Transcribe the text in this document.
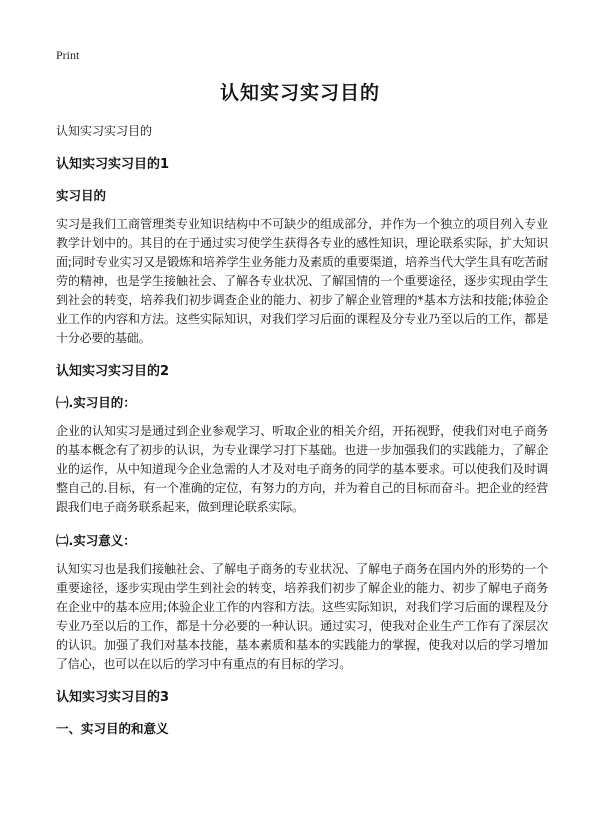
Print
认知实习实习目的

认知实习实习目的

认知实习实习目的1

实习目的

实习是我们工商管理类专业知识结构中不可缺少的组成部分，并作为一个独立的项目列入专业教学计划中的。其目的在于通过实习使学生获得各专业的感性知识，理论联系实际，扩大知识面;同时专业实习又是锻炼和培养学生业务能力及素质的重要渠道，培养当代大学生具有吃苦耐劳的精神，也是学生接触社会、了解各专业状况、了解国情的一个重要途径，逐步实现由学生到社会的转变，培养我们初步调查企业的能力、初步了解企业管理的*基本方法和技能;体验企业工作的内容和方法。这些实际知识，对我们学习后面的课程及分专业乃至以后的工作，都是十分必要的基础。

认知实习实习目的2

㈠.实习目的：

企业的认知实习是通过到企业参观学习、听取企业的相关介绍，开拓视野，使我们对电子商务的基本概念有了初步的认识，为专业课学习打下基础。也进一步加强我们的实践能力，了解企业的运作，从中知道现今企业急需的人才及对电子商务的同学的基本要求。可以使我们及时调整自己的.目标，有一个准确的定位，有努力的方向，并为着自己的目标而奋斗。把企业的经营跟我们电子商务联系起来，做到理论联系实际。

㈡.实习意义：

认知实习也是我们接触社会、了解电子商务的专业状况、了解电子商务在国内外的形势的一个重要途径，逐步实现由学生到社会的转变，培养我们初步了解企业的能力、初步了解电子商务在企业中的基本应用;体验企业工作的内容和方法。这些实际知识，对我们学习后面的课程及分专业乃至以后的工作，都是十分必要的一种认识。通过实习，使我对企业生产工作有了深层次的认识。加强了我们对基本技能，基本素质和基本的实践能力的掌握，使我对以后的学习增加了信心，也可以在以后的学习中有重点的有目标的学习。

认知实习实习目的3

一、实习目的和意义
